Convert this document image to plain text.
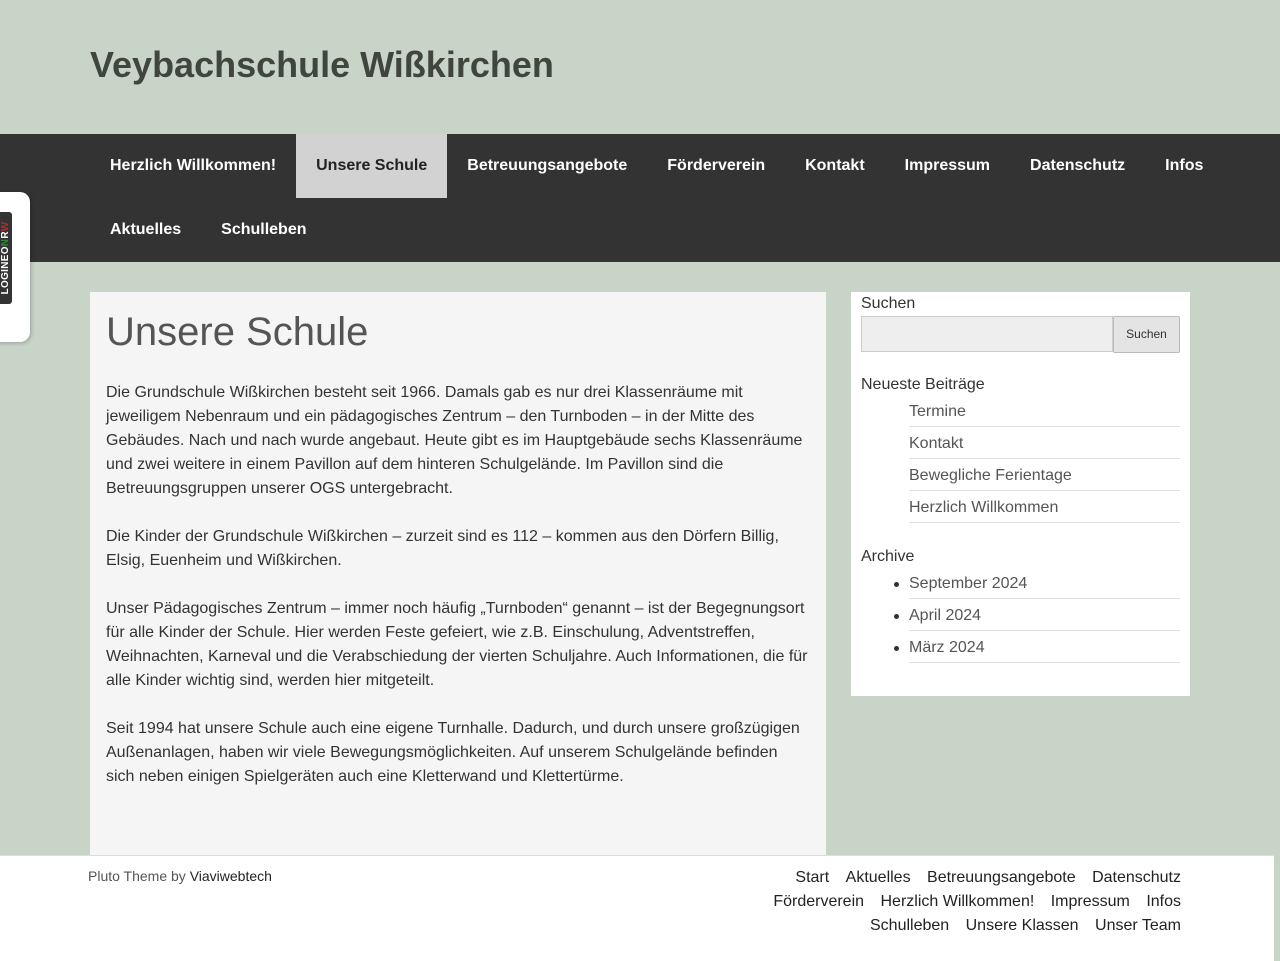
Veybachschule Wißkirchen
Herzlich Willkommen!	Unsere Schule	Betreuungsangebote	Förderverein	Kontakt	Impressum	Datenschutz	Infos
Aktuelles	Schulleben
LOGINEONRW
Unsere Schule

Die Grundschule Wißkirchen besteht seit 1966. Damals gab es nur drei Klassenräume mit jeweiligem Nebenraum und ein pädagogisches Zentrum – den Turnboden – in der Mitte des Gebäudes. Nach und nach wurde angebaut. Heute gibt es im Hauptgebäude sechs Klassenräume und zwei weitere in einem Pavillon auf dem hinteren Schulgelände. Im Pavillon sind die Betreuungsgruppen unserer OGS untergebracht.

Die Kinder der Grundschule Wißkirchen – zurzeit sind es 112 – kommen aus den Dörfern Billig, Elsig, Euenheim und Wißkirchen.

Unser Pädagogisches Zentrum – immer noch häufig „Turnboden“ genannt – ist der Begegnungsort für alle Kinder der Schule. Hier werden Feste gefeiert, wie z.B. Einschulung, Adventstreffen, Weihnachten, Karneval und die Verabschiedung der vierten Schuljahre. Auch Informationen, die für alle Kinder wichtig sind, werden hier mitgeteilt.

Seit 1994 hat unsere Schule auch eine eigene Turnhalle. Dadurch, und durch unsere großzügigen Außenanlagen, haben wir viele Bewegungsmöglichkeiten. Auf unserem Schulgelände befinden sich neben einigen Spielgeräten auch eine Kletterwand und Klettertürme.

Suchen
Suchen
Neueste Beiträge
Termine
Kontakt
Bewegliche Ferientage
Herzlich Willkommen
Archive
September 2024
April 2024
März 2024
Pluto Theme by Viaviwebtech	Start Aktuelles Betreuungsangebote Datenschutz
Förderverein Herzlich Willkommen! Impressum Infos
Schulleben Unsere Klassen Unser Team
